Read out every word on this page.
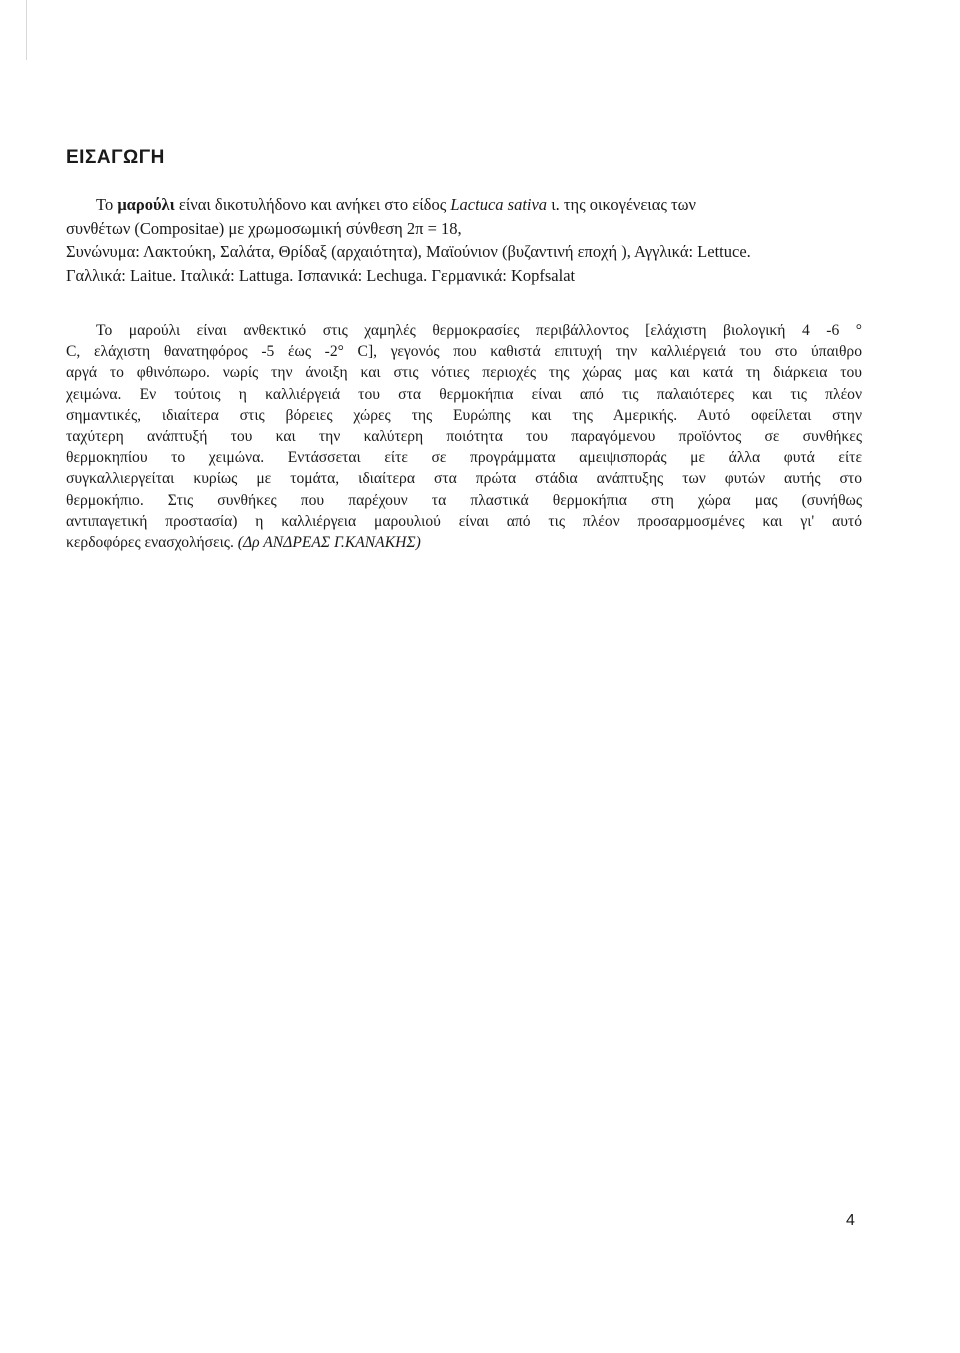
ΕΙΣΑΓΩΓΗ
Το μαρούλι είναι δικοτυλήδονο και ανήκει στο είδος Lactuca sativa ι. της οικογένειας των
συνθέτων (Compositae) με χρωμοσωμική σύνθεση 2π = 18,
Συνώνυμα: Λακτούκη, Σαλάτα, Θρίδαξ (αρχαιότητα), Μαϊούνιον (βυζαντινή εποχή ), Αγγλικά: Lettuce.
Γαλλικά: Laitue. Ιταλικά: Lattuga. Ισπανικά: Lechuga. Γερμανικά: Kopfsalat
Το μαρούλι είναι ανθεκτικό στις χαμηλές θερμοκρασίες περιβάλλοντος [ελάχιστη βιολογική 4 -6 °
C, ελάχιστη θανατηφόρος -5 έως -2° C], γεγονός που καθιστά επιτυχή την καλλιέργειά του στο ύπαιθρο
αργά το φθινόπωρο. νωρίς την άνοιξη και στις νότιες περιοχές της χώρας μας και κατά τη διάρκεια του
χειμώνα. Εν τούτοις η καλλιέργειά του στα θερμοκήπια είναι από τις παλαιότερες και τις πλέον
σημαντικές, ιδιαίτερα στις βόρειες χώρες της Ευρώπης και της Αμερικής. Αυτό οφείλεται στην
ταχύτερη ανάπτυξή του και την καλύτερη ποιότητα του παραγόμενου προϊόντος σε συνθήκες
θερμοκηπίου το χειμώνα. Εντάσσεται είτε σε προγράμματα αμειψισποράς με άλλα φυτά είτε
συγκαλλιεργείται κυρίως με τομάτα, ιδιαίτερα στα πρώτα στάδια ανάπτυξης των φυτών αυτής στο
θερμοκήπιο. Στις συνθήκες που παρέχουν τα πλαστικά θερμοκήπια στη χώρα μας (συνήθως
αντιπαγετική προστασία) η καλλιέργεια μαρουλιού είναι από τις πλέον προσαρμοσμένες και γι' αυτό
κερδοφόρες ενασχολήσεις. (Δρ ΑΝΔΡΕΑΣ Γ.ΚΑΝΑΚΗΣ)

4
